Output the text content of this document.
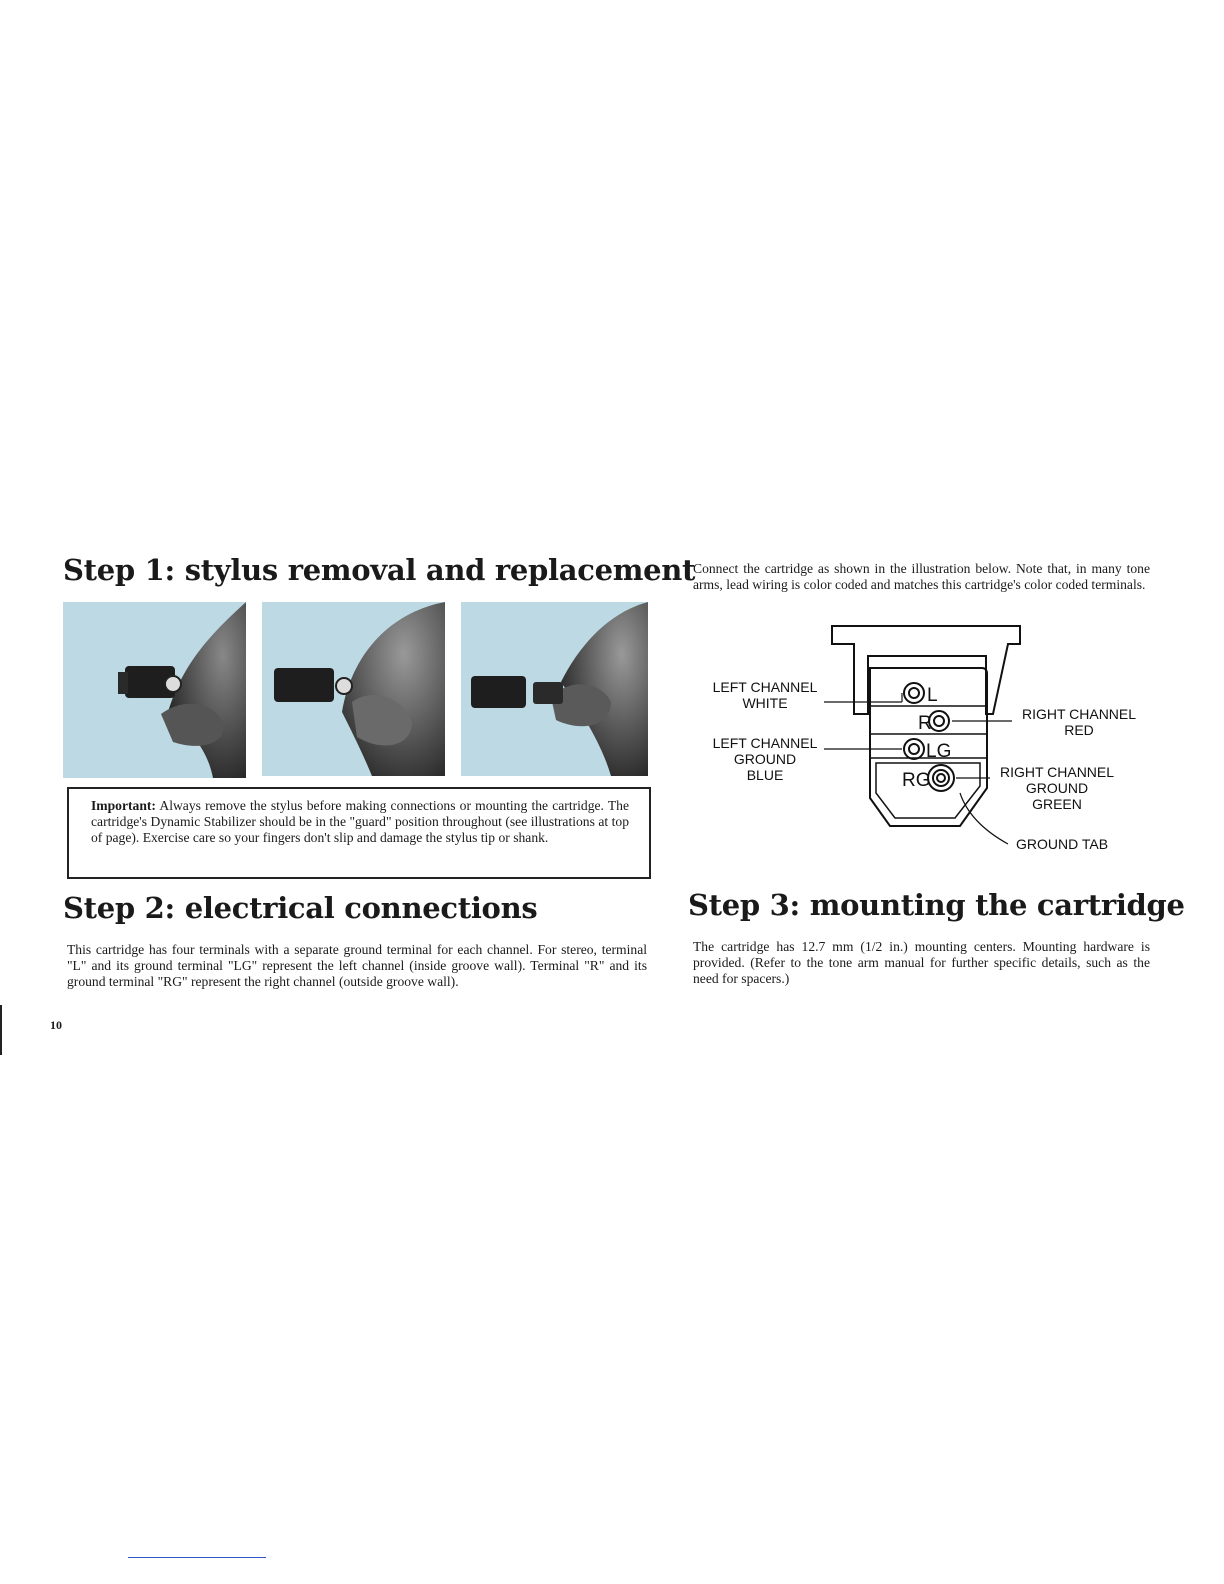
Step 1: stylus removal and replacement

Important: Always remove the stylus before making connections or mounting the cartridge. The cartridge's Dynamic Stabilizer should be in the "guard" position throughout (see illustrations at top of page). Exercise care so your fingers don't slip and damage the stylus tip or shank.

Step 2: electrical connections

This cartridge has four terminals with a separate ground terminal for each channel. For stereo, terminal "L" and its ground terminal "LG" represent the left channel (inside groove wall). Terminal "R" and its ground terminal "RG" represent the right channel (outside groove wall).

10

Connect the cartridge as shown in the illustration below. Note that, in many tone arms, lead wiring is color coded and matches this cartridge's color coded terminals.

L
R
LG
RG
LEFT CHANNEL
WHITE
LEFT CHANNEL
GROUND
BLUE
RIGHT CHANNEL
RED
RIGHT CHANNEL
GROUND
GREEN
GROUND TAB
Step 3: mounting the cartridge

The cartridge has 12.7 mm (1/2 in.) mounting centers. Mounting hardware is provided. (Refer to the tone arm manual for further specific details, such as the need for spacers.)
